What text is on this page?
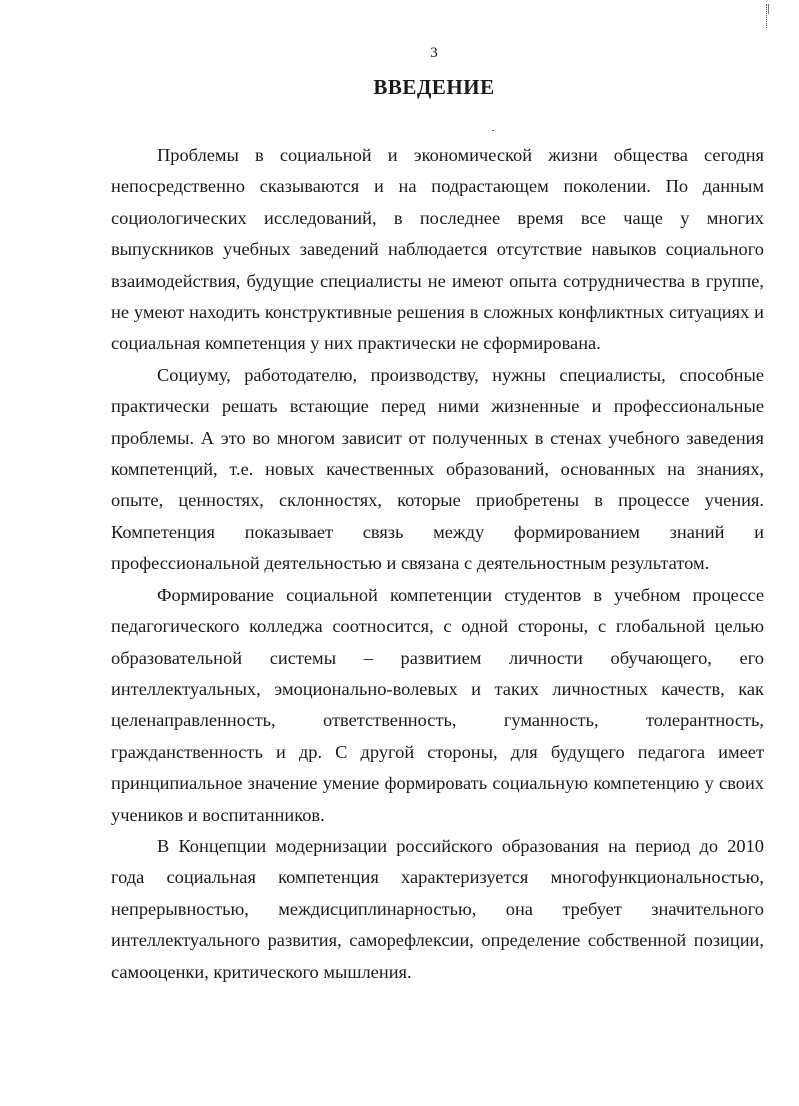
3
ВВЕДЕНИЕ

Проблемы в социальной и экономической жизни общества сегодня непосредственно сказываются и на подрастающем поколении. По данным социологических исследований, в последнее время все чаще у многих выпускников учебных заведений наблюдается отсутствие навыков социального взаимодействия, будущие специалисты не имеют опыта сотрудничества в группе, не умеют находить конструктивные решения в сложных конфликтных ситуациях и социальная компетенция у них практически не сформирована.

Социуму, работодателю, производству, нужны специалисты, способные практически решать встающие перед ними жизненные и профессиональные проблемы. А это во многом зависит от полученных в стенах учебного заведения компетенций, т.е. новых качественных образований, основанных на знаниях, опыте, ценностях, склонностях, которые приобретены в процессе учения. Компетенция показывает связь между формированием знаний и профессиональной деятельностью и связана с деятельностным результатом.

Формирование социальной компетенции студентов в учебном процессе педагогического колледжа соотносится, с одной стороны, с глобальной целью образовательной системы – развитием личности обучающего, его интеллектуальных, эмоционально-волевых и таких личностных качеств, как целенаправленность, ответственность, гуманность, толерантность, гражданственность и др. С другой стороны, для будущего педагога имеет принципиальное значение умение формировать социальную компетенцию у своих учеников и воспитанников.

В Концепции модернизации российского образования на период до 2010 года социальная компетенция характеризуется многофункциональностью, непрерывностью, междисциплинарностью, она требует значительного интеллектуального развития, саморефлексии, определение собственной позиции, самооценки, критического мышления.
